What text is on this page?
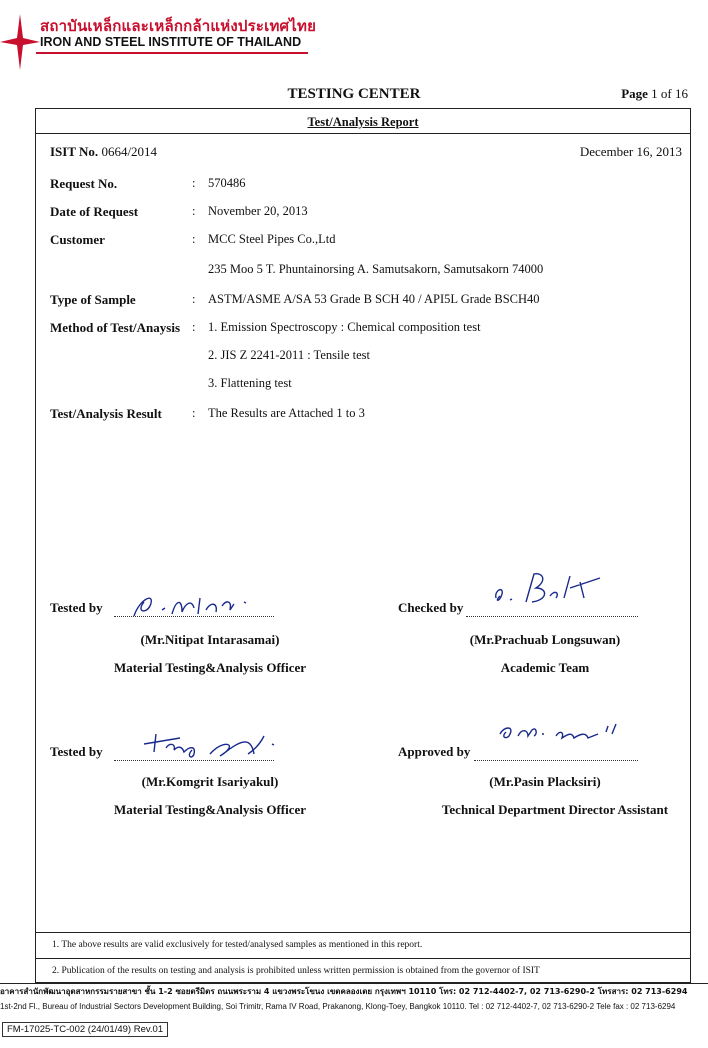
สถาบันเหล็กและเหล็กกล้าแห่งประเทศไทย
IRON AND STEEL INSTITUTE OF THAILAND
TESTING CENTER	Page 1 of 16
Test/Analysis Report
ISIT No. 0664/2014	December 16, 2013
Request No.	: 570486
Date of Request	: November 20, 2013
Customer	: MCC Steel Pipes Co.,Ltd
235 Moo 5 T. Phuntainorsing A. Samutsakorn, Samutsakorn 74000
Type of Sample	: ASTM/ASME A/SA 53 Grade B SCH 40 / API5L Grade BSCH40
Method of Test/Anaysis : 1. Emission Spectroscopy : Chemical composition test
2. JIS Z 2241-2011 : Tensile test
3. Flattening test
Test/Analysis Result : The Results are Attached 1 to 3
Tested by
(Mr.Nitipat Intarasamai)
Material Testing&Analysis Officer
Checked by
(Mr.Prachuab Longsuwan)
Academic Team
Tested by
(Mr.Komgrit Isariyakul)
Material Testing&Analysis Officer
Approved by
(Mr.Pasin Placksiri)
Technical Department Director Assistant
1. The above results are valid exclusively for tested/analysed samples as mentioned in this report.
2. Publication of the results on testing and analysis is prohibited unless written permission is obtained from the governor of ISIT
อาคารสำนักพัฒนาอุตสาหกรรมรายสาขา ชั้น 1-2 ซอยตรีมิตร ถนนพระราม 4 แขวงพระโขนง เขตคลองเตย กรุงเทพฯ 10110 โทร: 02 712-4402-7, 02 713-6290-2 โทรสาร: 02 713-6294
1st-2nd Fl., Bureau of Industrial Sectors Development Building, Soi Trimitr, Rama IV Road, Prakanong, Klong-Toey, Bangkok 10110. Tel : 02 712-4402-7, 02 713-6290-2 Tele fax : 02 713-6294
FM-17025-TC-002 (24/01/49) Rev.01
